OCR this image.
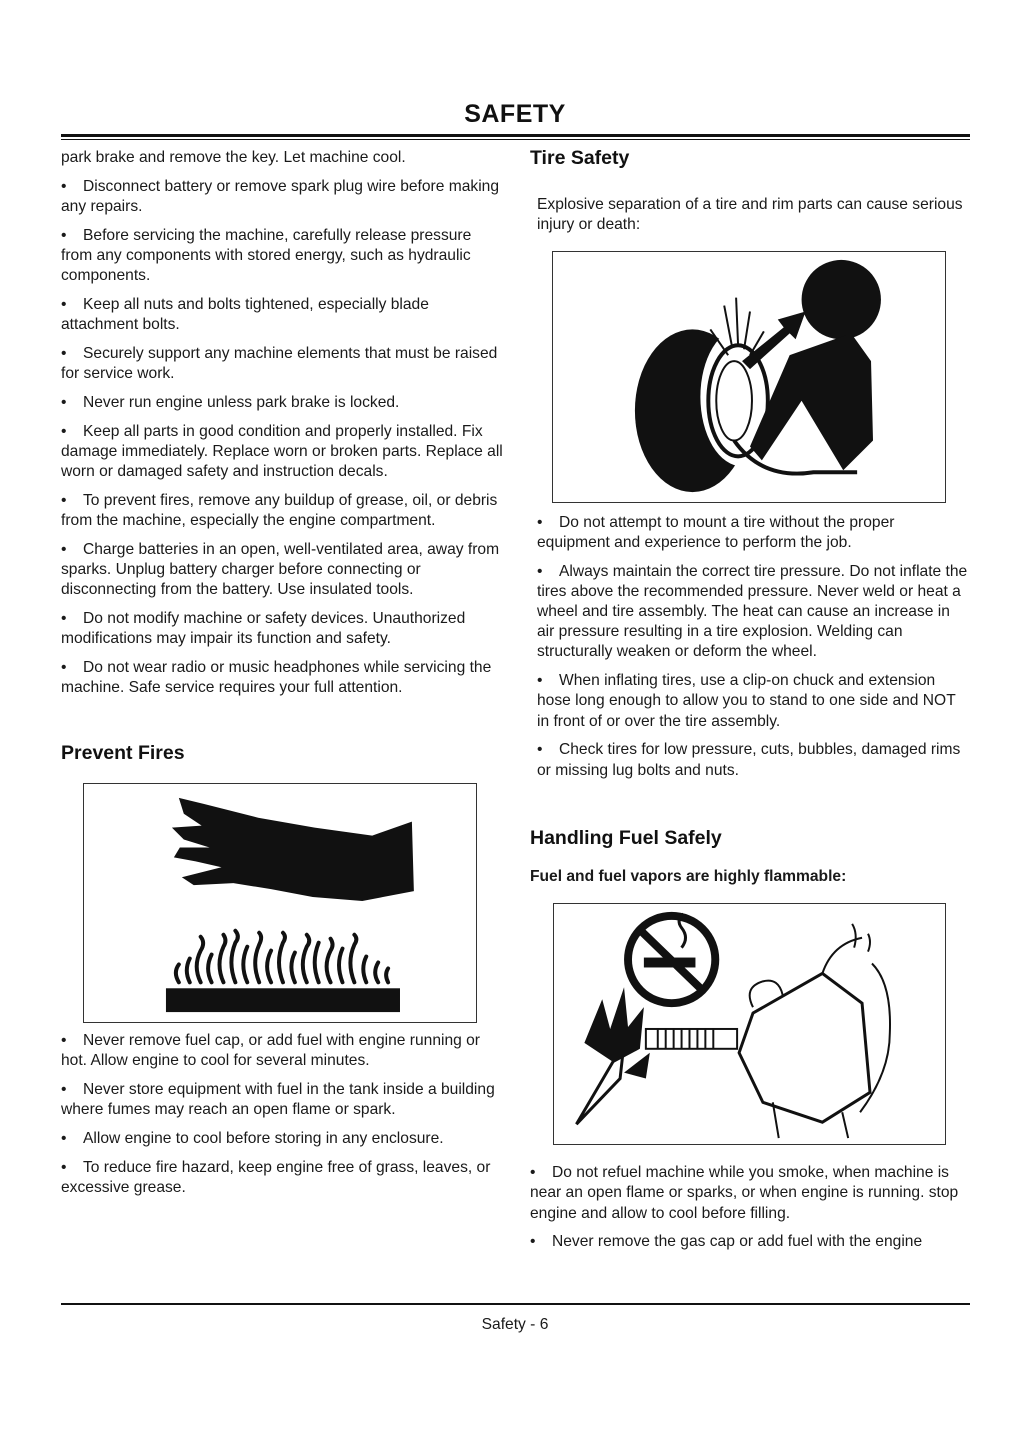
SAFETY

park brake and remove the key. Let machine cool.

• Disconnect battery or remove spark plug wire before making any repairs.

• Before servicing the machine, carefully release pressure from any components with stored energy, such as hydraulic components.

• Keep all nuts and bolts tightened, especially blade attachment bolts.

• Securely support any machine elements that must be raised for service work.

• Never run engine unless park brake is locked.

• Keep all parts in good condition and properly installed. Fix damage immediately. Replace worn or broken parts. Replace all worn or damaged safety and instruction decals.

• To prevent fires, remove any buildup of grease, oil, or debris from the machine, especially the engine compartment.

• Charge batteries in an open, well-ventilated area, away from sparks. Unplug battery charger before connecting or disconnecting from the battery. Use insulated tools.

• Do not modify machine or safety devices. Unauthorized modifications may impair its function and safety.

• Do not wear radio or music headphones while servicing the machine. Safe service requires your full attention.

Prevent Fires

• Never remove fuel cap, or add fuel with engine running or hot. Allow engine to cool for several minutes.

• Never store equipment with fuel in the tank inside a building where fumes may reach an open flame or spark.

• Allow engine to cool before storing in any enclosure.

• To reduce fire hazard, keep engine free of grass, leaves, or excessive grease.

Tire Safety

Explosive separation of a tire and rim parts can cause serious injury or death:

• Do not attempt to mount a tire without the proper equipment and experience to perform the job.

• Always maintain the correct tire pressure. Do not inflate the tires above the recommended pressure. Never weld or heat a wheel and tire assembly. The heat can cause an increase in air pressure resulting in a tire explosion. Welding can structurally weaken or deform the wheel.

• When inflating tires, use a clip-on chuck and extension hose long enough to allow you to stand to one side and NOT in front of or over the tire assembly.

• Check tires for low pressure, cuts, bubbles, damaged rims or missing lug bolts and nuts.

Handling Fuel Safely

Fuel and fuel vapors are highly flammable:

• Do not refuel machine while you smoke, when machine is near an open flame or sparks, or when engine is running. stop engine and allow to cool before filling.

• Never remove the gas cap or add fuel with the engine

Safety - 6
